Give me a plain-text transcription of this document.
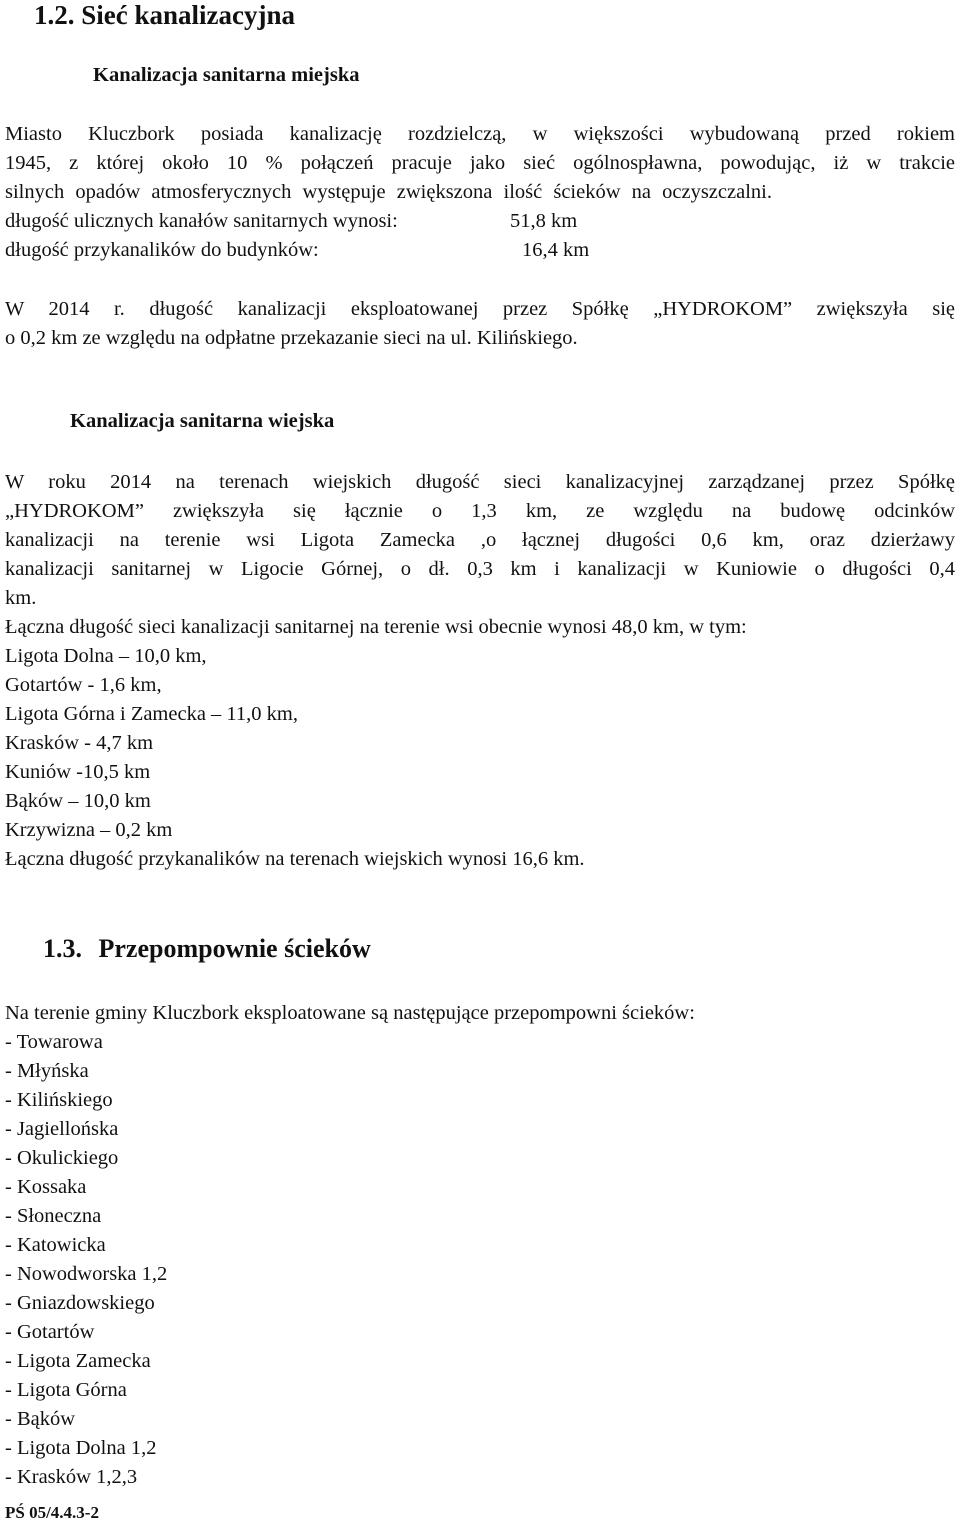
1.2. Sieć kanalizacyjna
Kanalizacja sanitarna miejska
Miasto Kluczbork posiada kanalizację rozdzielczą, w większości wybudowaną przed rokiem
1945, z której około 10 % połączeń pracuje jako sieć ogólnospławna, powodując, iż w trakcie
silnych opadów atmosferycznych występuje zwiększona ilość ścieków na oczyszczalni.
długość ulicznych kanałów sanitarnych wynosi:	51,8 km
długość przykanalików do budynków:	16,4 km
W 2014 r. długość kanalizacji eksploatowanej przez Spółkę „HYDROKOM” zwiększyła się
o 0,2 km ze względu na odpłatne przekazanie sieci na ul. Kilińskiego.
Kanalizacja sanitarna wiejska
W roku 2014 na terenach wiejskich długość sieci kanalizacyjnej zarządzanej przez Spółkę
„HYDROKOM” zwiększyła się łącznie o 1,3 km, ze względu na budowę odcinków
kanalizacji na terenie wsi Ligota Zamecka ,o łącznej długości 0,6 km, oraz dzierżawy
kanalizacji sanitarnej w Ligocie Górnej, o dł. 0,3 km i kanalizacji w Kuniowie o długości 0,4
km.
Łączna długość sieci kanalizacji sanitarnej na terenie wsi obecnie wynosi 48,0 km, w tym:
Ligota Dolna – 10,0 km,
Gotartów - 1,6 km,
Ligota Górna i Zamecka – 11,0 km,
Krasków - 4,7 km
Kuniów -10,5 km
Bąków – 10,0 km
Krzywizna – 0,2 km
Łączna długość przykanalików na terenach wiejskich wynosi 16,6 km.
1.3. Przepompownie ścieków
Na terenie gminy Kluczbork eksploatowane są następujące przepompowni ścieków:
- Towarowa
- Młyńska
- Kilińskiego
- Jagiellońska
- Okulickiego
- Kossaka
- Słoneczna
- Katowicka
- Nowodworska 1,2
- Gniazdowskiego
- Gotartów
- Ligota Zamecka
- Ligota Górna
- Bąków
- Ligota Dolna 1,2
- Krasków 1,2,3
PŚ 05/4.4.3-2
